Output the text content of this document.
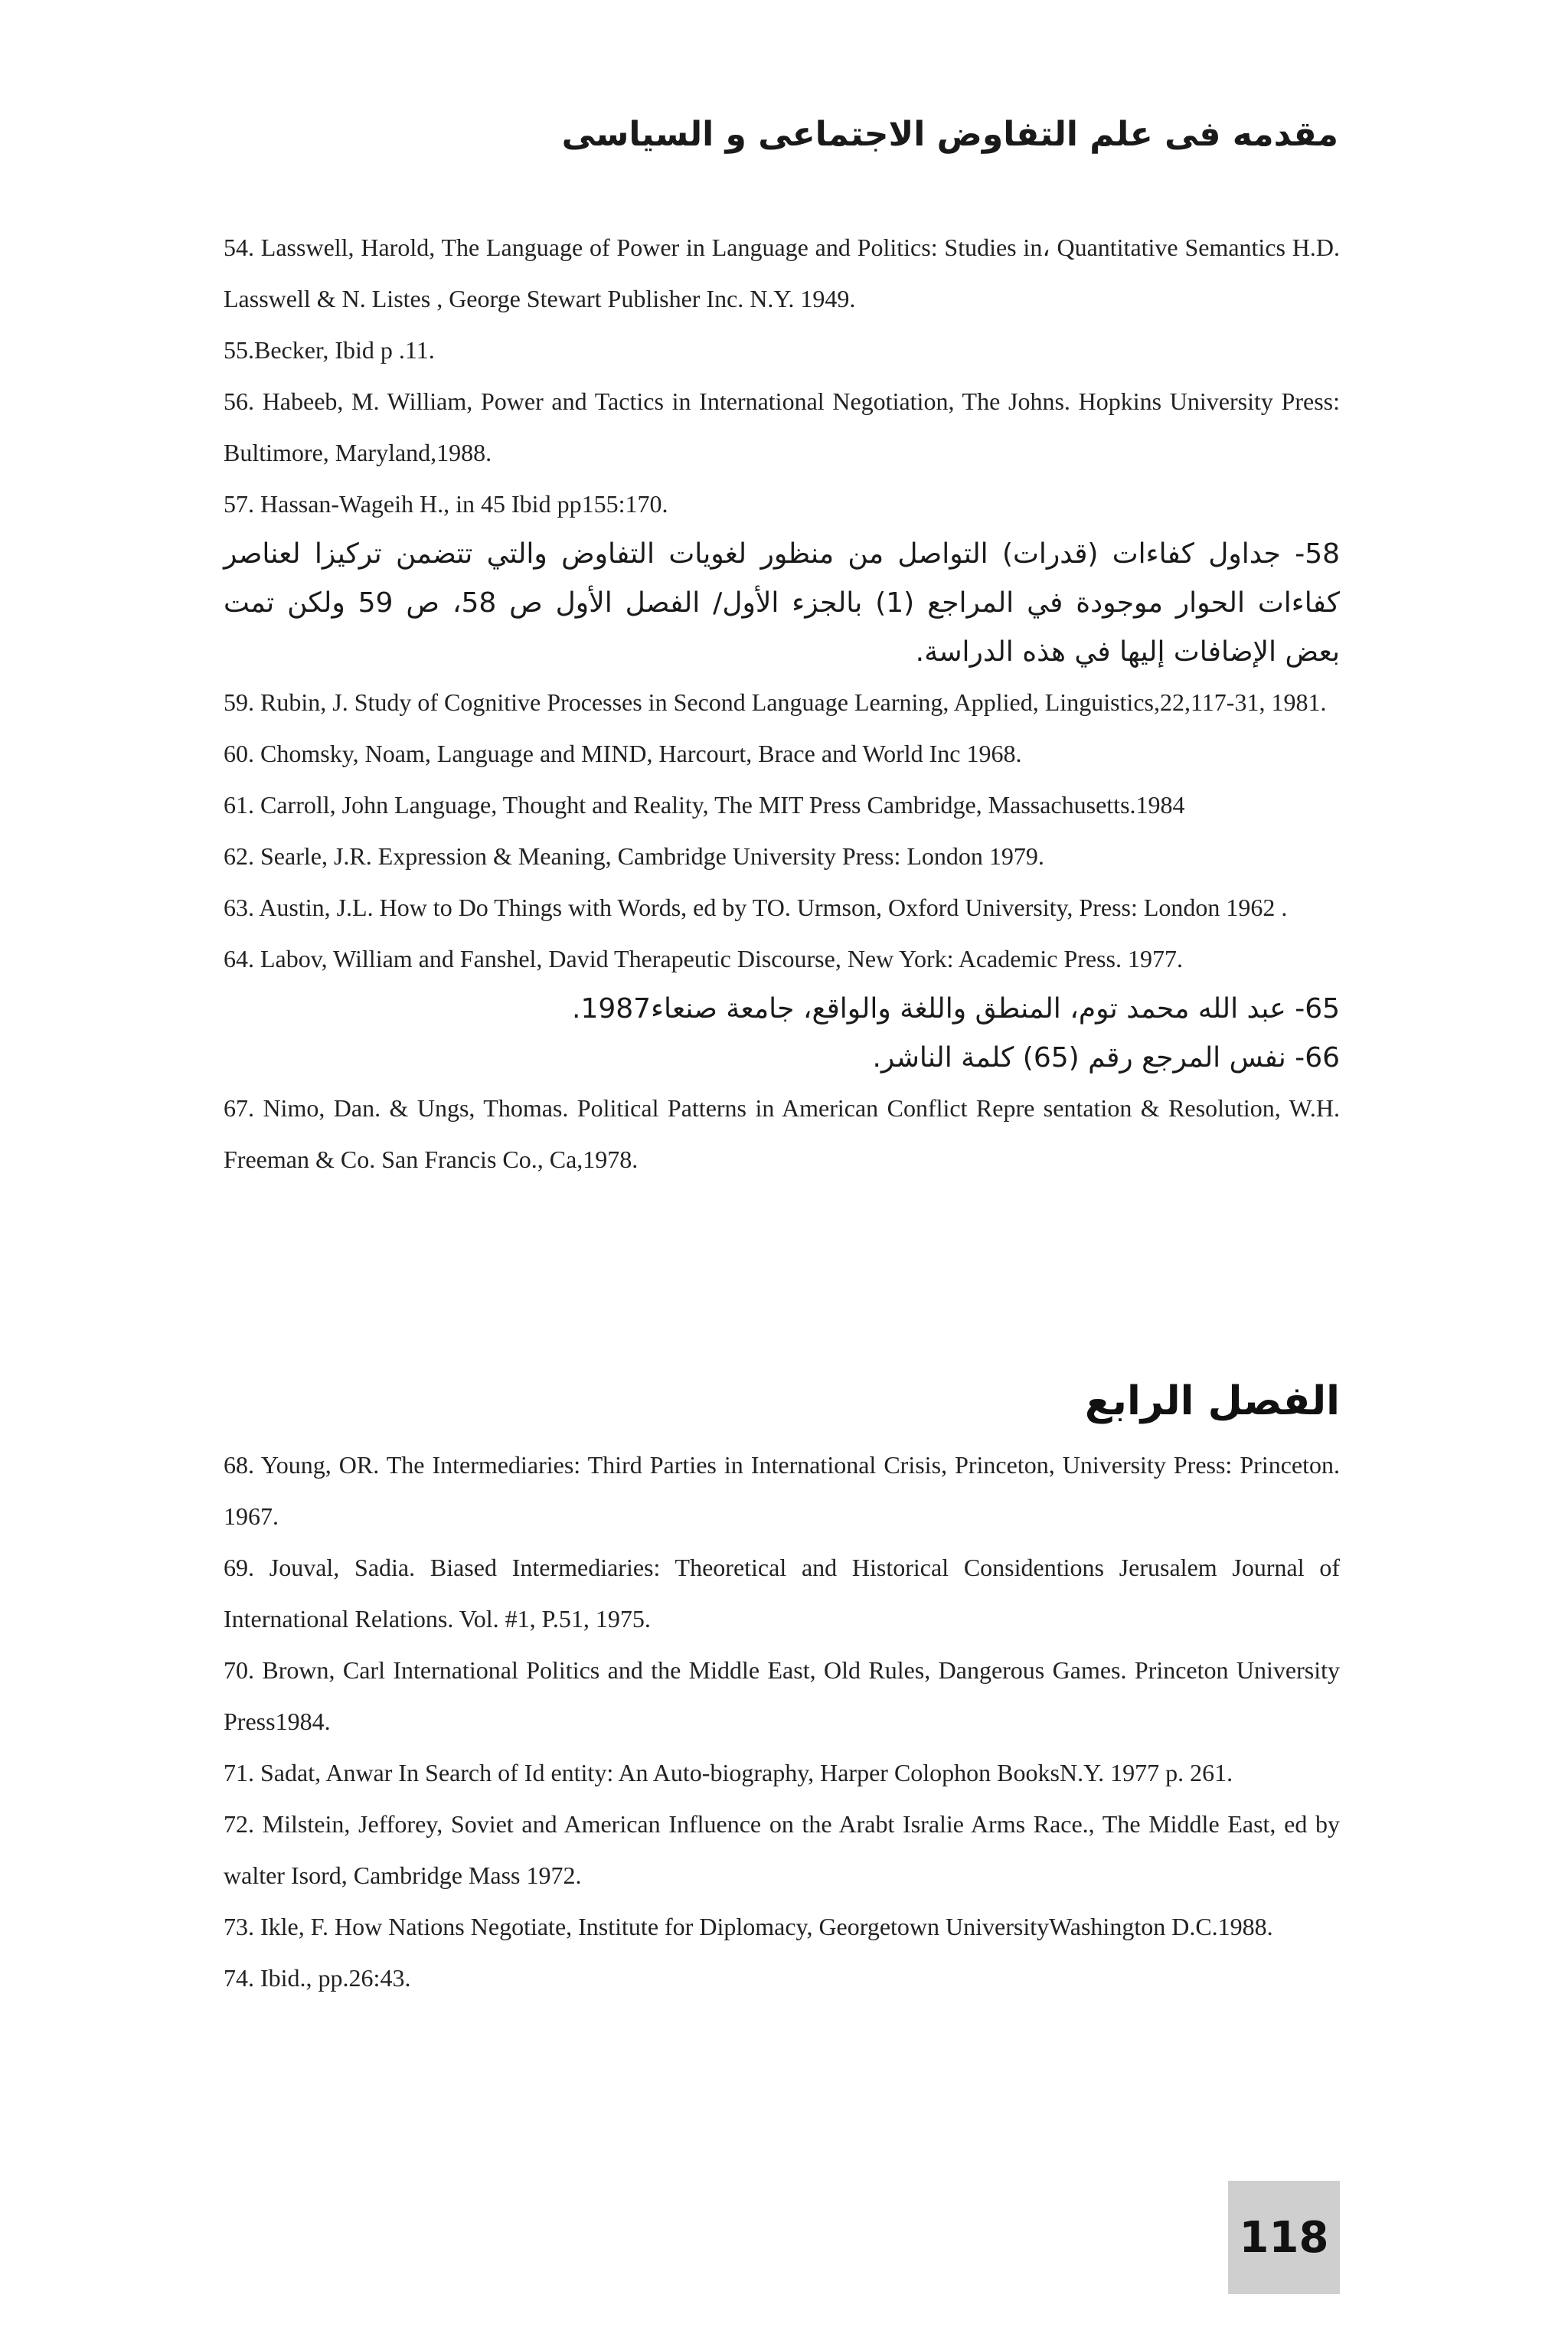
مقدمه فى علم التفاوض الاجتماعى و السياسى
54. Lasswell, Harold, The Language of Power in Language and Politics: Studies in، Quantitative Semantics H.D. Lasswell & N. Listes , George Stewart Publisher Inc. N.Y. 1949.
55.Becker, Ibid p .11.
56. Habeeb, M. William, Power and Tactics in International Negotiation, The Johns. Hopkins University Press: Bultimore, Maryland,1988.
57. Hassan-Wageih H., in 45 Ibid pp155:170.
58- جداول كفاءات (قدرات) التواصل من منظور لغويات التفاوض والتي تتضمن تركيزا لعناصر كفاءات الحوار موجودة في المراجع (1) بالجزء الأول/ الفصل الأول ص 58، ص 59 ولكن تمت بعض الإضافات إليها في هذه الدراسة.
59. Rubin, J. Study of Cognitive Processes in Second Language Learning, Applied, Linguistics,22,117-31, 1981.
60. Chomsky, Noam, Language and MIND, Harcourt, Brace and World Inc 1968.
61. Carroll, John Language, Thought and Reality, The MIT Press Cambridge, Massachusetts.1984
62. Searle, J.R. Expression & Meaning, Cambridge University Press: London 1979.
63. Austin, J.L. How to Do Things with Words, ed by TO. Urmson, Oxford University, Press: London 1962 .
64. Labov, William and Fanshel, David Therapeutic Discourse, New York: Academic Press. 1977.
65- عبد الله محمد توم، المنطق واللغة والواقع، جامعة صنعاء1987.
66- نفس المرجع رقم (65) كلمة الناشر.
67. Nimo, Dan. & Ungs, Thomas. Political Patterns in American Conflict Repre sentation & Resolution, W.H. Freeman & Co. San Francis Co., Ca,1978.
الفصل الرابع
68. Young, OR. The Intermediaries: Third Parties in International Crisis, Princeton, University Press: Princeton. 1967.
69. Jouval, Sadia. Biased Intermediaries: Theoretical and Historical Considentions Jerusalem Journal of International Relations. Vol. #1, P.51, 1975.
70. Brown, Carl International Politics and the Middle East, Old Rules, Dangerous Games. Princeton University Press1984.
71. Sadat, Anwar In Search of Id entity: An Auto-biography, Harper Colophon BooksN.Y. 1977 p. 261.
72. Milstein, Jefforey, Soviet and American Influence on the Arabt Isralie Arms Race., The Middle East, ed by walter Isord, Cambridge Mass 1972.
73. Ikle, F. How Nations Negotiate, Institute for Diplomacy, Georgetown UniversityWashington D.C.1988.
74. Ibid., pp.26:43.
118
